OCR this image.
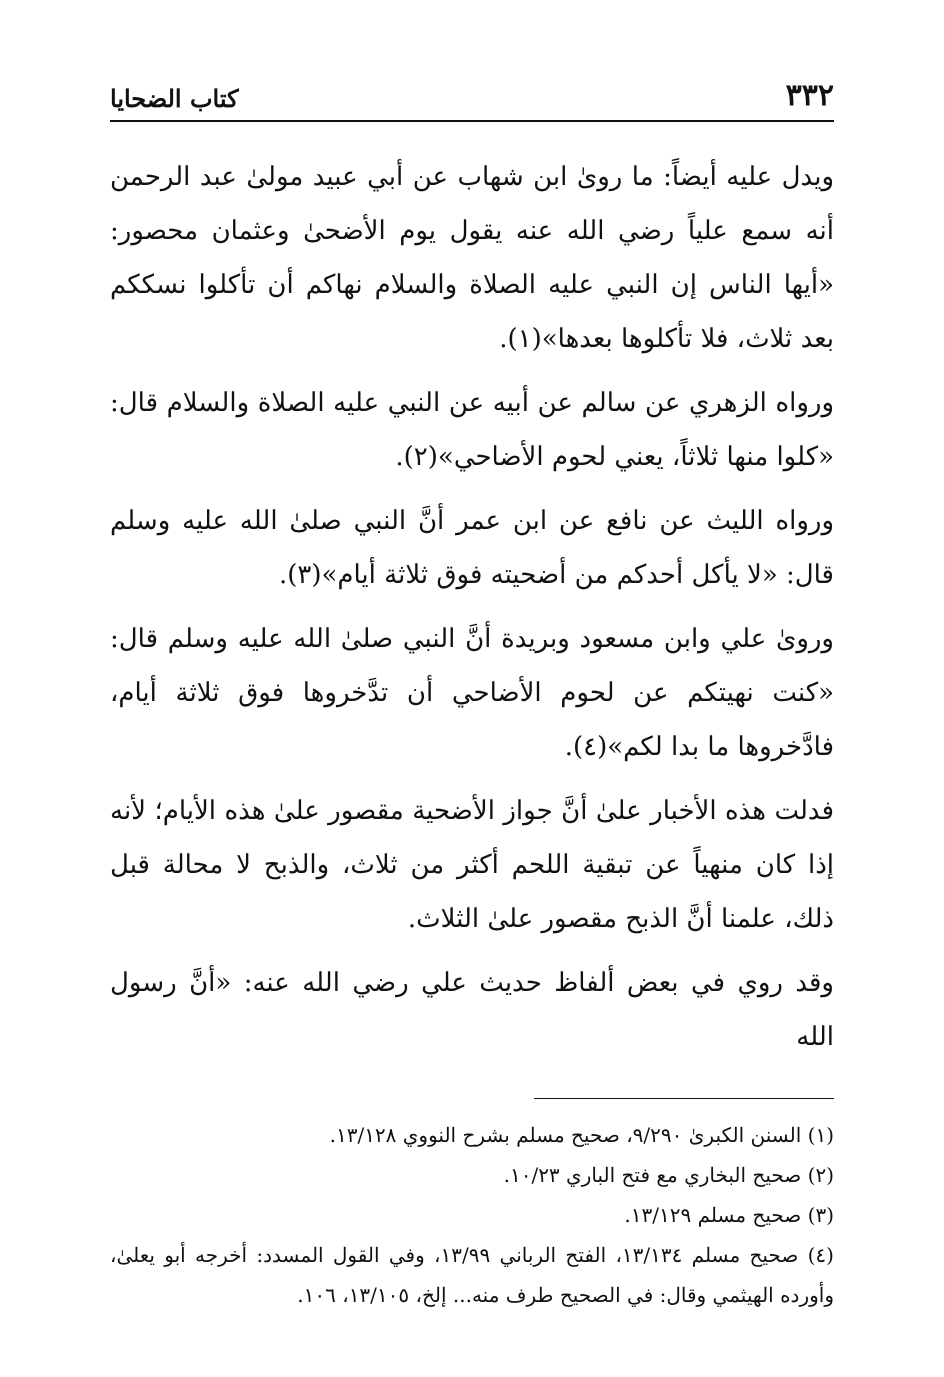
٣٣٢
كتاب الضحايا

ويدل عليه أيضاً: ما روىٰ ابن شهاب عن أبي عبيد مولىٰ عبد الرحمن أنه سمع علياً رضي الله عنه يقول يوم الأضحىٰ وعثمان محصور: «أيها الناس إن النبي عليه الصلاة والسلام نهاكم أن تأكلوا نسككم بعد ثلاث، فلا تأكلوها بعدها»(١).

ورواه الزهري عن سالم عن أبيه عن النبي عليه الصلاة والسلام قال: «كلوا منها ثلاثاً، يعني لحوم الأضاحي»(٢).

ورواه الليث عن نافع عن ابن عمر أنَّ النبي صلىٰ الله عليه وسلم قال: «لا يأكل أحدكم من أضحيته فوق ثلاثة أيام»(٣).

وروىٰ علي وابن مسعود وبريدة أنَّ النبي صلىٰ الله عليه وسلم قال: «كنت نهيتكم عن لحوم الأضاحي أن تدَّخروها فوق ثلاثة أيام، فادَّخروها ما بدا لكم»(٤).

فدلت هذه الأخبار علىٰ أنَّ جواز الأضحية مقصور علىٰ هذه الأيام؛ لأنه إذا كان منهياً عن تبقية اللحم أكثر من ثلاث، والذبح لا محالة قبل ذلك، علمنا أنَّ الذبح مقصور علىٰ الثلاث.

وقد روي في بعض ألفاظ حديث علي رضي الله عنه: «أنَّ رسول الله

(١) السنن الكبرىٰ ٩/٢٩٠، صحيح مسلم بشرح النووي ١٣/١٢٨.

(٢) صحيح البخاري مع فتح الباري ١٠/٢٣.

(٣) صحيح مسلم ١٣/١٢٩.

(٤) صحيح مسلم ١٣/١٣٤، الفتح الرباني ١٣/٩٩، وفي القول المسدد: أخرجه أبو يعلىٰ، وأورده الهيثمي وقال: في الصحيح طرف منه... إلخ، ١٣/١٠٥، ١٠٦.
